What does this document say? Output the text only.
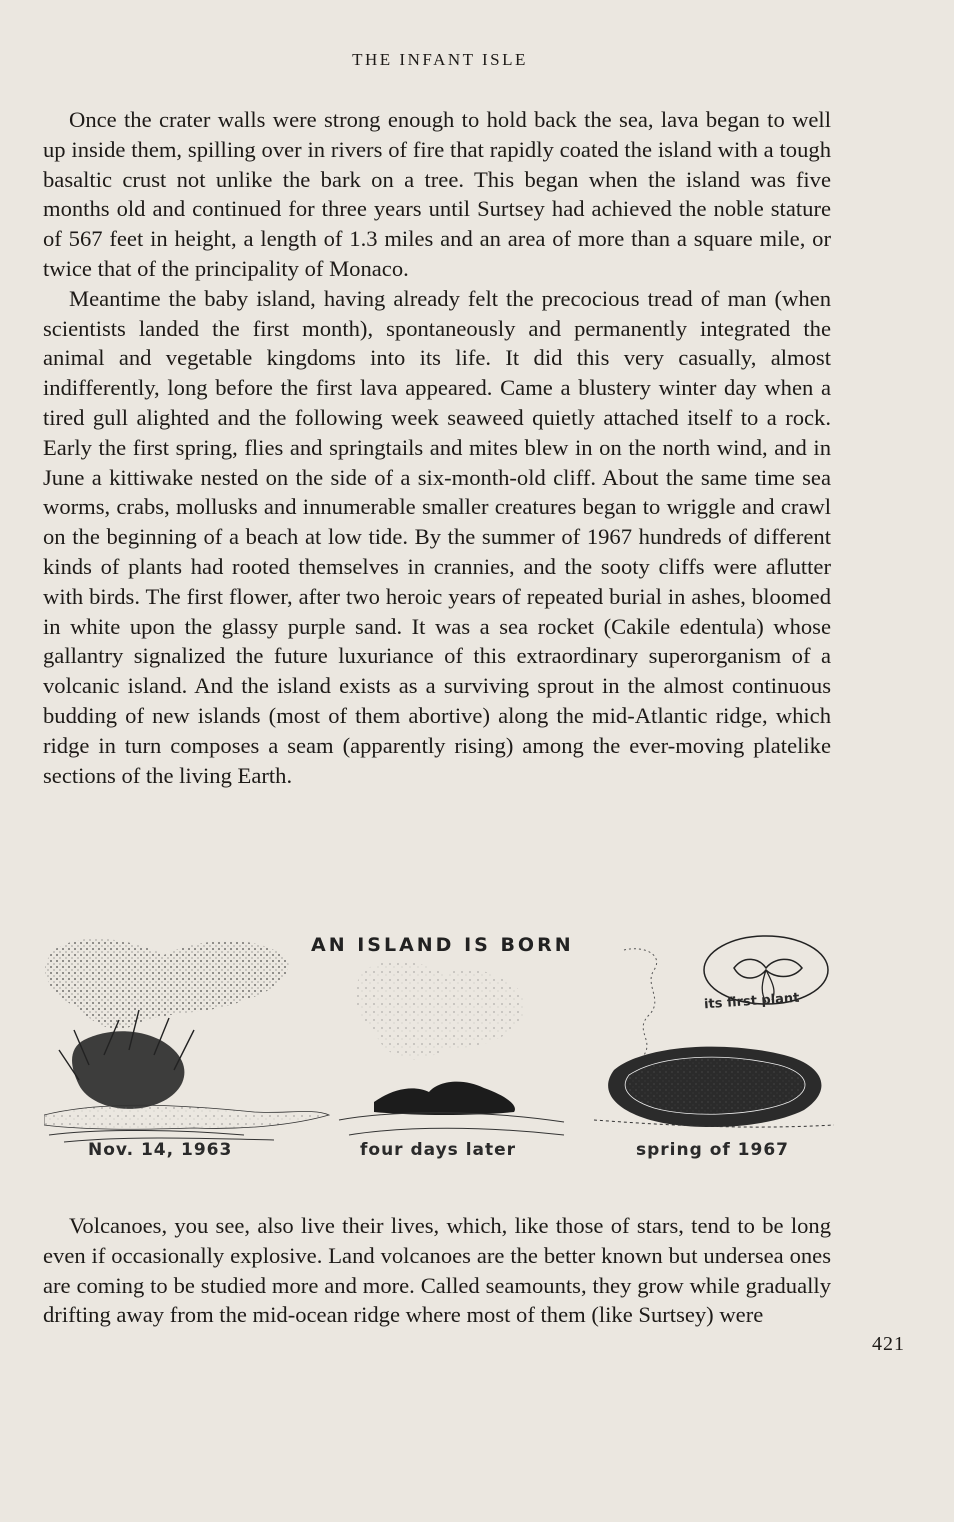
THE INFANT ISLE

Once the crater walls were strong enough to hold back the sea, lava began to well up inside them, spilling over in rivers of fire that rapidly coated the island with a tough basaltic crust not unlike the bark on a tree. This began when the island was five months old and continued for three years until Surtsey had achieved the noble stature of 567 feet in height, a length of 1.3 miles and an area of more than a square mile, or twice that of the principality of Monaco.

Meantime the baby island, having already felt the precocious tread of man (when scientists landed the first month), spontaneously and permanently integrated the animal and vegetable kingdoms into its life. It did this very casually, almost indifferently, long before the first lava appeared. Came a blustery winter day when a tired gull alighted and the following week seaweed quietly attached itself to a rock. Early the first spring, flies and springtails and mites blew in on the north wind, and in June a kittiwake nested on the side of a six-month-old cliff. About the same time sea worms, crabs, mollusks and innumerable smaller creatures began to wriggle and crawl on the beginning of a beach at low tide. By the summer of 1967 hundreds of different kinds of plants had rooted themselves in crannies, and the sooty cliffs were aflutter with birds. The first flower, after two heroic years of repeated burial in ashes, bloomed in white upon the glassy purple sand. It was a sea rocket (Cakile edentula) whose gallantry signalized the future luxuriance of this extraordinary superorganism of a volcanic island. And the island exists as a surviving sprout in the almost continuous budding of new islands (most of them abortive) along the mid-Atlantic ridge, which ridge in turn composes a seam (apparently rising) among the ever-moving platelike sections of the living Earth.

AN ISLAND IS BORN
its first plant
Nov. 14, 1963	four days later	spring of 1967

Volcanoes, you see, also live their lives, which, like those of stars, tend to be long even if occasionally explosive. Land volcanoes are the better known but undersea ones are coming to be studied more and more. Called seamounts, they grow while gradually drifting away from the mid-ocean ridge where most of them (like Surtsey) were

421
